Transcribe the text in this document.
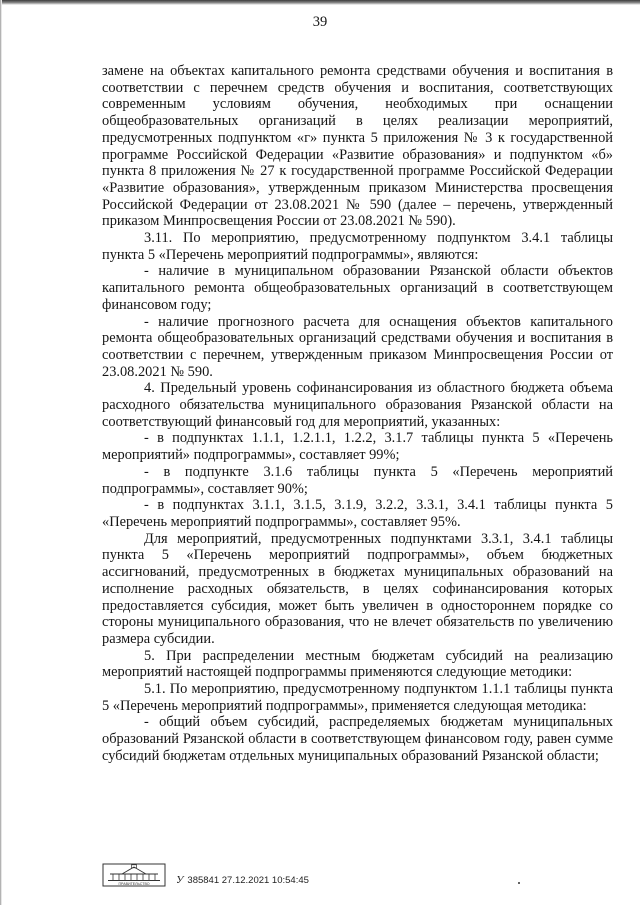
39

замене на объектах капитального ремонта средствами обучения и воспитания в соответствии с перечнем средств обучения и воспитания, соответствующих современным условиям обучения, необходимых при оснащении общеобразовательных организаций в целях реализации мероприятий, предусмотренных подпунктом «г» пункта 5 приложения № 3 к государственной программе Российской Федерации «Развитие образования» и подпунктом «б» пункта 8 приложения № 27 к государственной программе Российской Федерации «Развитие образования», утвержденным приказом Министерства просвещения Российской Федерации от 23.08.2021 № 590 (далее – перечень, утвержденный приказом Минпросвещения России от 23.08.2021 № 590).

3.11. По мероприятию, предусмотренному подпунктом 3.4.1 таблицы пункта 5 «Перечень мероприятий подпрограммы», являются:

- наличие в муниципальном образовании Рязанской области объектов капитального ремонта общеобразовательных организаций в соответствующем финансовом году;

- наличие прогнозного расчета для оснащения объектов капитального ремонта общеобразовательных организаций средствами обучения и воспитания в соответствии с перечнем, утвержденным приказом Минпросвещения России от 23.08.2021 № 590.

4. Предельный уровень софинансирования из областного бюджета объема расходного обязательства муниципального образования Рязанской области на соответствующий финансовый год для мероприятий, указанных:

- в подпунктах 1.1.1, 1.2.1.1, 1.2.2, 3.1.7 таблицы пункта 5 «Перечень мероприятий» подпрограммы», составляет 99%;

- в подпункте 3.1.6 таблицы пункта 5 «Перечень мероприятий подпрограммы», составляет 90%;

- в подпунктах 3.1.1, 3.1.5, 3.1.9, 3.2.2, 3.3.1, 3.4.1 таблицы пункта 5 «Перечень мероприятий подпрограммы», составляет 95%.

Для мероприятий, предусмотренных подпунктами 3.3.1, 3.4.1 таблицы пункта 5 «Перечень мероприятий подпрограммы», объем бюджетных ассигнований, предусмотренных в бюджетах муниципальных образований на исполнение расходных обязательств, в целях софинансирования которых предоставляется субсидия, может быть увеличен в одностороннем порядке со стороны муниципального образования, что не влечет обязательств по увеличению размера субсидии.

5. При распределении местным бюджетам субсидий на реализацию мероприятий настоящей подпрограммы применяются следующие методики:

5.1. По мероприятию, предусмотренному подпунктом 1.1.1 таблицы пункта 5 «Перечень мероприятий подпрограммы», применяется следующая методика:

- общий объем субсидий, распределяемых бюджетам муниципальных образований Рязанской области в соответствующем финансовом году, равен сумме субсидий бюджетам отдельных муниципальных образований Рязанской области;

ПРАВИТЕЛЬСТВО У 385841 27.12.2021 10:54:45
